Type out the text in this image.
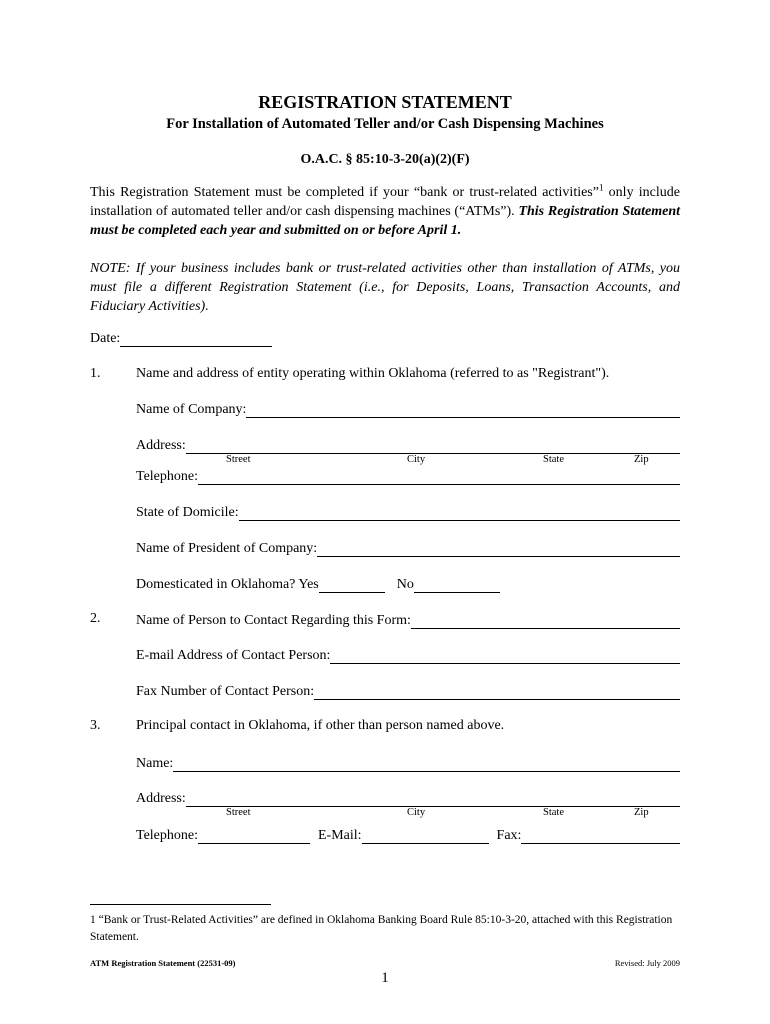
REGISTRATION STATEMENT
For Installation of Automated Teller and/or Cash Dispensing Machines
O.A.C. § 85:10-3-20(a)(2)(F)
This Registration Statement must be completed if your “bank or trust-related activities”$^1$ only include installation of automated teller and/or cash dispensing machines (“ATMs”). This Registration Statement must be completed each year and submitted on or before April 1.
NOTE: If your business includes bank or trust-related activities other than installation of ATMs, you must file a different Registration Statement (i.e., for Deposits, Loans, Transaction Accounts, and Fiduciary Activities).
Date:
1.	Name and address of entity operating within Oklahoma (referred to as "Registrant").
Name of Company:
Address:
Street	City	State	Zip
Telephone:
State of Domicile:
Name of President of Company:
Domesticated in Oklahoma? Yes	No
2.	Name of Person to Contact Regarding this Form:
E-mail Address of Contact Person:
Fax Number of Contact Person:
3.	Principal contact in Oklahoma, if other than person named above.
Name:
Address:
Street	City	State	Zip
Telephone:	E-Mail:	Fax:
1 “Bank or Trust-Related Activities” are defined in Oklahoma Banking Board Rule 85:10-3-20, attached with this Registration Statement.
ATM Registration Statement (22531-09)	Revised: July 2009
1
